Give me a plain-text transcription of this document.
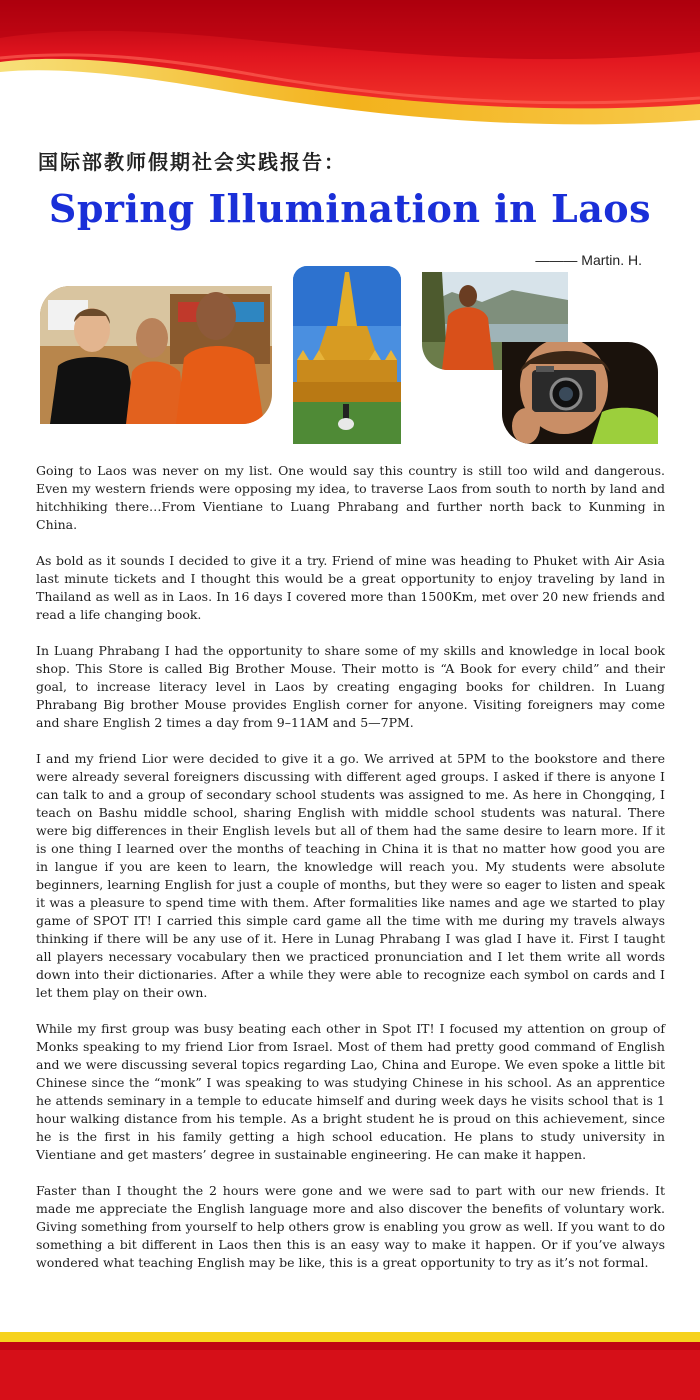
国际部教师假期社会实践报告：
Spring Illumination in Laos
——— Martin. H.

Going to Laos was never on my list. One would say this country is still too wild and dangerous. Even my western friends were opposing my idea, to traverse Laos from south to north by land and hitchhiking there…From Vientiane to Luang Phrabang and further north back to Kunming in China.

As bold as it sounds I decided to give it a try. Friend of mine was heading to Phuket with Air Asia last minute tickets and I thought this would be a great opportunity to enjoy traveling by land in Thailand as well as in Laos. In 16 days I covered more than 1500Km, met over 20 new friends and read a life changing book.

In Luang Phrabang I had the opportunity to share some of my skills and knowledge in local book shop. This Store is called Big Brother Mouse. Their motto is “A Book for every child” and their goal, to increase literacy level in Laos by creating engaging books for children. In Luang Phrabang Big brother Mouse provides English corner for anyone. Visiting foreigners may come and share English 2 times a day from 9–11AM and 5—7PM.

I and my friend Lior were decided to give it a go. We arrived at 5PM to the bookstore and there were already several foreigners discussing with different aged groups. I asked if there is anyone I can talk to and a group of secondary school students was assigned to me. As here in Chongqing, I teach on Bashu middle school, sharing English with middle school students was natural. There were big differences in their English levels but all of them had the same desire to learn more. If it is one thing I learned over the months of teaching in China it is that no matter how good you are in langue if you are keen to learn, the knowledge will reach you. My students were absolute beginners, learning English for just a couple of months, but they were so eager to listen and speak it was a pleasure to spend time with them. After formalities like names and age we started to play game of SPOT IT! I carried this simple card game all the time with me during my travels always thinking if there will be any use of it. Here in Lunag Phrabang I was glad I have it. First I taught all players necessary vocabulary then we practiced pronunciation and I let them write all words down into their dictionaries. After a while they were able to recognize each symbol on cards and I let them play on their own.

While my first group was busy beating each other in Spot IT! I focused my attention on group of Monks speaking to my friend Lior from Israel. Most of them had pretty good command of English and we were discussing several topics regarding Lao, China and Europe. We even spoke a little bit Chinese since the “monk” I was speaking to was studying Chinese in his school. As an apprentice he attends seminary in a temple to educate himself and during week days he visits school that is 1 hour walking distance from his temple. As a bright student he is proud on this achievement, since he is the first in his family getting a high school education. He plans to study university in Vientiane and get masters’ degree in sustainable engineering. He can make it happen.

Faster than I thought the 2 hours were gone and we were sad to part with our new friends. It made me appreciate the English language more and also discover the benefits of voluntary work. Giving something from yourself to help others grow is enabling you grow as well. If you want to do something a bit different in Laos then this is an easy way to make it happen. Or if you’ve always wondered what teaching English may be like, this is a great opportunity to try as it’s not formal.
